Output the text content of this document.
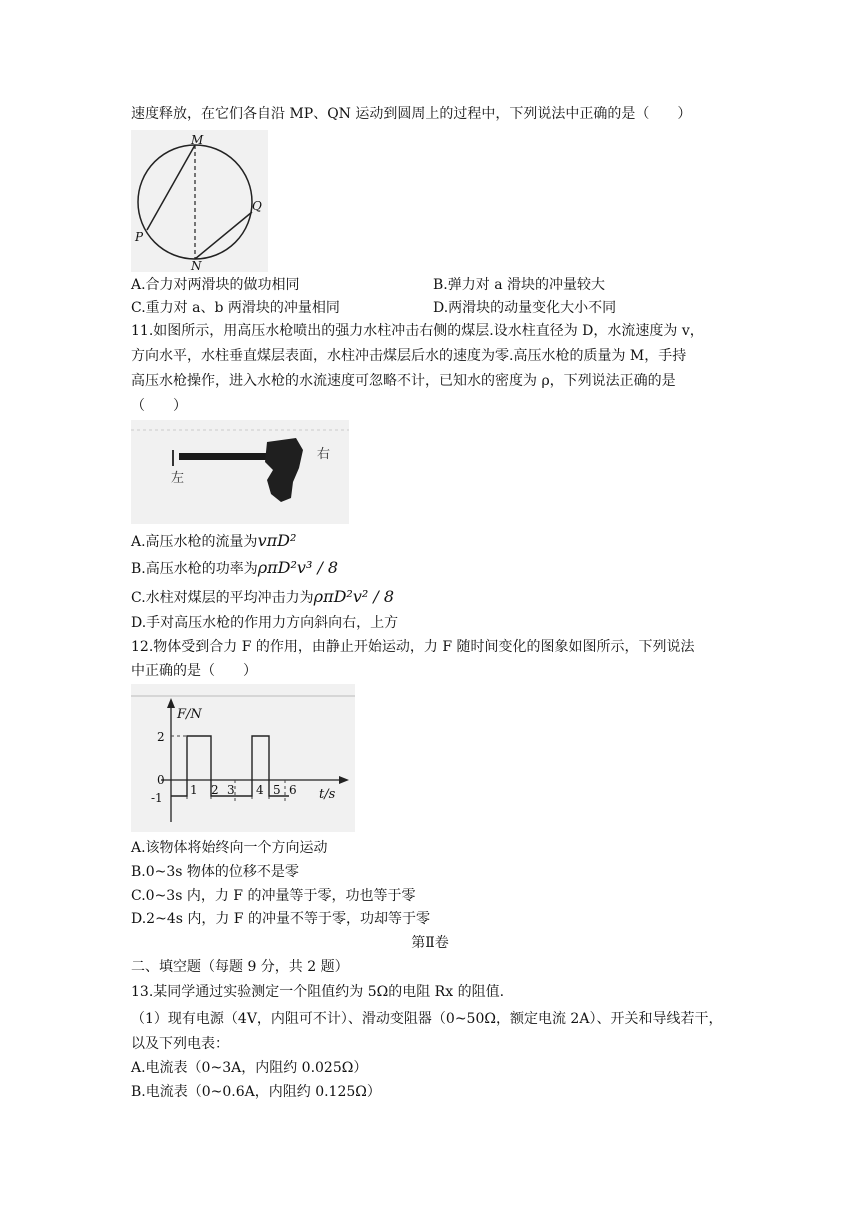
速度释放，在它们各自沿 MP、QN 运动到圆周上的过程中，下列说法中正确的是（　　）
M
P
Q
N
A.合力对两滑块的做功相同	B.弹力对 a 滑块的冲量较大
C.重力对 a、b 两滑块的冲量相同	D.两滑块的动量变化大小不同
11.如图所示，用高压水枪喷出的强力水柱冲击右侧的煤层.设水柱直径为 D，水流速度为 v，
方向水平，水柱垂直煤层表面，水柱冲击煤层后水的速度为零.高压水枪的质量为 M，手持
高压水枪操作，进入水枪的水流速度可忽略不计，已知水的密度为 ρ，下列说法正确的是
（　　）
左
右
A.高压水枪的流量为vπD²
B.高压水枪的功率为ρπD²v³ / 8
C.水柱对煤层的平均冲击力为ρπD²v² / 8
D.手对高压水枪的作用力方向斜向右，上方
12.物体受到合力 F 的作用，由静止开始运动，力 F 随时间变化的图象如图所示，下列说法
中正确的是（　　）
F/N
t/s
2
0
-1
1 2 3 4 5 6
A.该物体将始终向一个方向运动
B.0~3s 物体的位移不是零
C.0~3s 内，力 F 的冲量等于零，功也等于零
D.2~4s 内，力 F 的冲量不等于零，功却等于零
第Ⅱ卷
二、填空题（每题 9 分，共 2 题）
13.某同学通过实验测定一个阻值约为 5Ω的电阻 Rx 的阻值.
（1）现有电源（4V，内阻可不计）、滑动变阻器（0~50Ω，额定电流 2A）、开关和导线若干，
以及下列电表：
A.电流表（0~3A，内阻约 0.025Ω）
B.电流表（0~0.6A，内阻约 0.125Ω）
